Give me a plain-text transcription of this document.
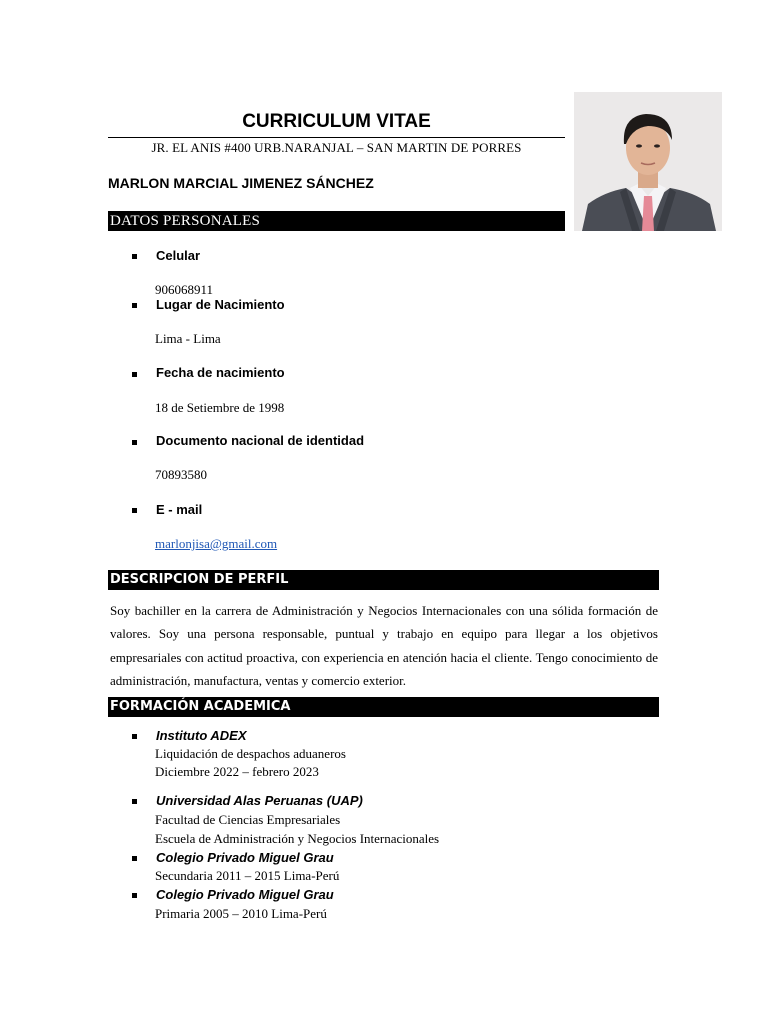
CURRICULUM VITAE
JR. EL ANIS #400 URB.NARANJAL – SAN MARTIN DE PORRES
MARLON MARCIAL JIMENEZ SÁNCHEZ
DATOS PERSONALES
Celular
906068911
Lugar de Nacimiento
Lima - Lima
Fecha de nacimiento
18 de Setiembre de 1998
Documento nacional de identidad
70893580
E - mail
marlonjisa@gmail.com
DESCRIPCION DE PERFIL
Soy bachiller en la carrera de Administración y Negocios Internacionales con una sólida formación de valores. Soy una persona responsable, puntual y trabajo en equipo para llegar a los objetivos empresariales con actitud proactiva, con experiencia en atención hacia el cliente. Tengo conocimiento de administración, manufactura, ventas y comercio exterior.
FORMACIÓN ACADEMICA
Instituto ADEX
Liquidación de despachos aduaneros
Diciembre 2022 – febrero 2023
Universidad Alas Peruanas (UAP)
Facultad de Ciencias Empresariales
Escuela de Administración y Negocios Internacionales
Colegio Privado Miguel Grau
Secundaria 2011 – 2015 Lima-Perú
Colegio Privado Miguel Grau
Primaria 2005 – 2010 Lima-Perú
